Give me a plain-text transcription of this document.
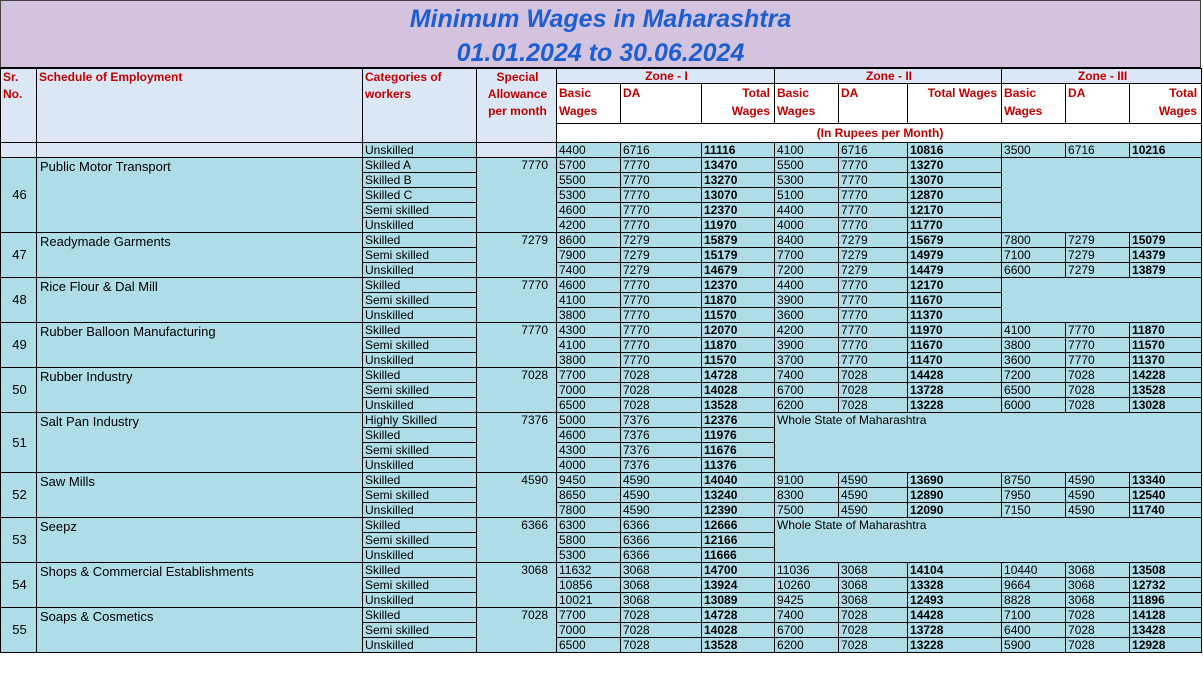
Minimum Wages in Maharashtra
01.01.2024 to 30.06.2024
Sr. No.	Schedule of Employment	Categories of workers	Special Allowance per month	Zone - I			Zone - II			Zone - III		
				Basic Wages	DA	Total Wages	Basic Wages	DA	Total Wages	Basic Wages	DA	Total Wages
				(In Rupees per Month)								
		Unskilled		4400	6716	11116	4100	6716	10816	3500	6716	10216
46	Public Motor Transport	Skilled A	7770	5700	7770	13470	5500	7770	13270			
		Skilled B		5500	7770	13270	5300	7770	13070			
		Skilled C		5300	7770	13070	5100	7770	12870			
		Semi skilled		4600	7770	12370	4400	7770	12170			
		Unskilled		4200	7770	11970	4000	7770	11770			
47	Readymade Garments	Skilled	7279	8600	7279	15879	8400	7279	15679	7800	7279	15079
		Semi skilled		7900	7279	15179	7700	7279	14979	7100	7279	14379
		Unskilled		7400	7279	14679	7200	7279	14479	6600	7279	13879
48	Rice Flour & Dal Mill	Skilled	7770	4600	7770	12370	4400	7770	12170			
		Semi skilled		4100	7770	11870	3900	7770	11670			
		Unskilled		3800	7770	11570	3600	7770	11370			
49	Rubber Balloon Manufacturing	Skilled	7770	4300	7770	12070	4200	7770	11970	4100	7770	11870
		Semi skilled		4100	7770	11870	3900	7770	11670	3800	7770	11570
		Unskilled		3800	7770	11570	3700	7770	11470	3600	7770	11370
50	Rubber Industry	Skilled	7028	7700	7028	14728	7400	7028	14428	7200	7028	14228
		Semi skilled		7000	7028	14028	6700	7028	13728	6500	7028	13528
		Unskilled		6500	7028	13528	6200	7028	13228	6000	7028	13028
51	Salt Pan Industry	Highly Skilled	7376	5000	7376	12376	Whole State of Maharashtra					
		Skilled		4600	7376	11976						
		Semi skilled		4300	7376	11676						
		Unskilled		4000	7376	11376						
52	Saw Mills	Skilled	4590	9450	4590	14040	9100	4590	13690	8750	4590	13340
		Semi skilled		8650	4590	13240	8300	4590	12890	7950	4590	12540
		Unskilled		7800	4590	12390	7500	4590	12090	7150	4590	11740
53	Seepz	Skilled	6366	6300	6366	12666	Whole State of Maharashtra					
		Semi skilled		5800	6366	12166						
		Unskilled		5300	6366	11666						
54	Shops & Commercial Establishments	Skilled	3068	11632	3068	14700	11036	3068	14104	10440	3068	13508
		Semi skilled		10856	3068	13924	10260	3068	13328	9664	3068	12732
		Unskilled		10021	3068	13089	9425	3068	12493	8828	3068	11896
55	Soaps & Cosmetics	Skilled	7028	7700	7028	14728	7400	7028	14428	7100	7028	14128
		Semi skilled		7000	7028	14028	6700	7028	13728	6400	7028	13428
		Unskilled		6500	7028	13528	6200	7028	13228	5900	7028	12928
